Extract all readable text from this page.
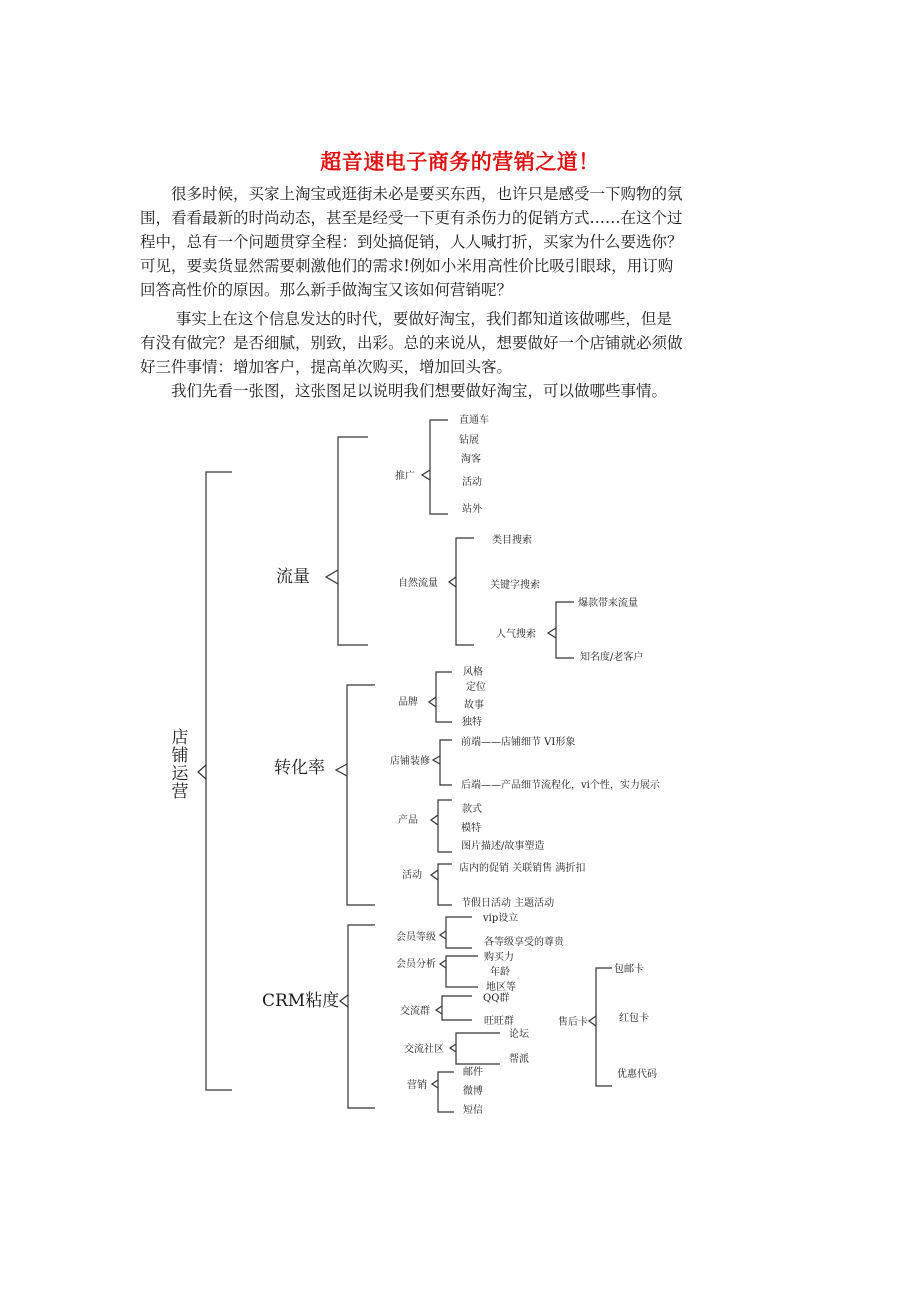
超音速电子商务的营销之道！
　　很多时候，买家上淘宝或逛街未必是要买东西，也许只是感受一下购物的氛
围，看看最新的时尚动态，甚至是经受一下更有杀伤力的促销方式……在这个过
程中，总有一个问题贯穿全程：到处搞促销，人人喊打折，买家为什么要选你？
可见，要卖货显然需要刺激他们的需求!例如小米用高性价比吸引眼球，用订购
回答高性价的原因。那么新手做淘宝又该如何营销呢？
　　 事实上在这个信息发达的时代，要做好淘宝，我们都知道该做哪些，但是
有没有做完？是否细腻，别致，出彩。总的来说从，想要做好一个店铺就必须做
好三件事情：增加客户，提高单次购买，增加回头客。
　　我们先看一张图，这张图足以说明我们想要做好淘宝，可以做哪些事情。
店铺运营
流量
转化率
CRM粘度
推广
直通车
钻展
淘客
活动
站外
自然流量
类目搜索
关键字搜索
人气搜索
爆款带来流量
知名度/老客户
品牌
风格
定位
故事
独特
店铺装修
前端——店铺细节 VI形象
后端——产品细节流程化，vi个性，实力展示
产品
款式
模特
图片描述/故事塑造
活动
店内的促销 关联销售 满折扣
节假日活动 主题活动
会员等级
vip设立
各等级享受的尊贵
会员分析
购买力
年龄
地区等
交流群
QQ群
旺旺群
交流社区
论坛
帮派
营销
邮件
微博
短信
售后卡
包邮卡
红包卡
优惠代码
